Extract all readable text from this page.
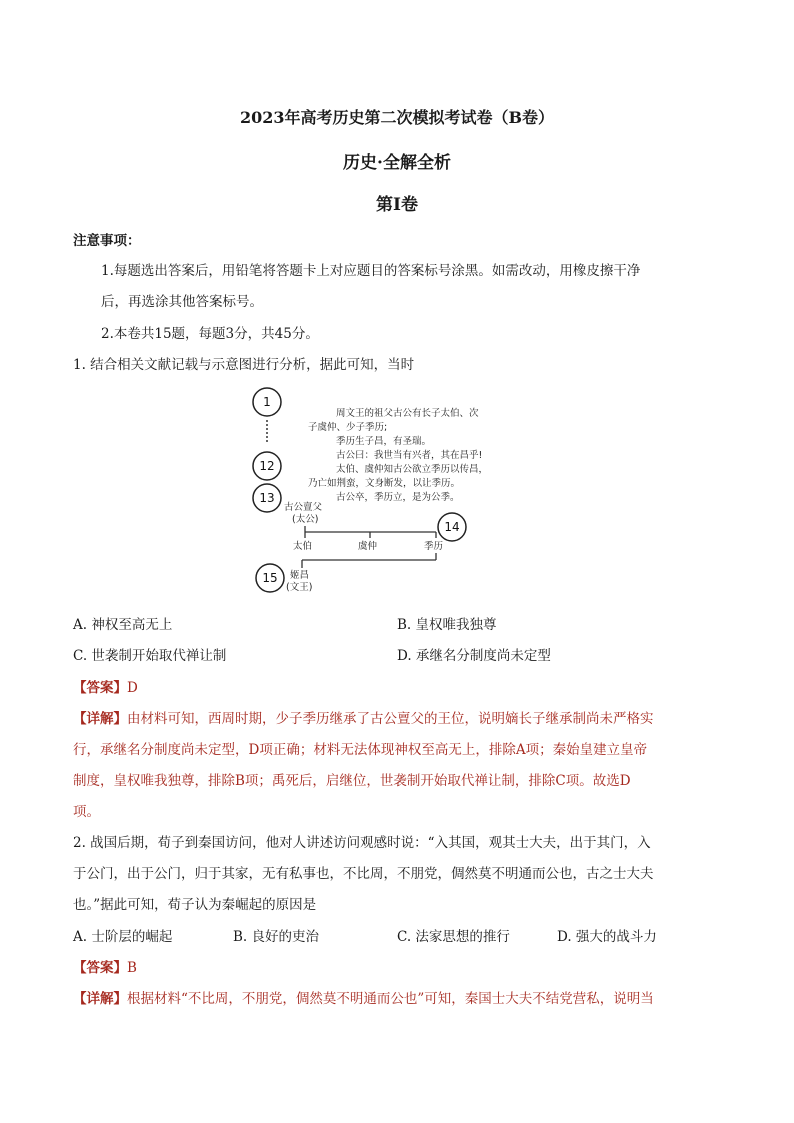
2023年高考历史第二次模拟考试卷（B卷）
历史·全解全析
第I卷
注意事项：
1.每题选出答案后，用铅笔将答题卡上对应题目的答案标号涂黑。如需改动，用橡皮擦干净
后，再选涂其他答案标号。
2.本卷共15题，每题3分，共45分。
1. 结合相关文献记载与示意图进行分析，据此可知，当时
1
12
13
周文王的祖父古公有长子太伯、次
子虞仲、少子季历;
季历生子昌，有圣瑞。
古公曰：我世当有兴者，其在昌乎!
太伯、虞仲知古公欲立季历以传昌，
乃亡如荆蛮，文身断发，以让季历。
古公卒，季历立，是为公季。
古公亶父
(太公)
14
太伯	虞仲	季历
15 姬昌
(文王)
A. 神权至高无上	B. 皇权唯我独尊
C. 世袭制开始取代禅让制	D. 承继名分制度尚未定型
【答案】D
【详解】由材料可知，西周时期，少子季历继承了古公亶父的王位，说明嫡长子继承制尚未严格实
行，承继名分制度尚未定型，D项正确；材料无法体现神权至高无上，排除A项；秦始皇建立皇帝
制度，皇权唯我独尊，排除B项；禹死后，启继位，世袭制开始取代禅让制，排除C项。故选D
项。
2. 战国后期，荀子到秦国访问，他对人讲述访问观感时说：“入其国，观其士大夫，出于其门，入
于公门，出于公门，归于其家，无有私事也，不比周，不朋党，倜然莫不明通而公也，古之士大夫
也。”据此可知，荀子认为秦崛起的原因是
A. 士阶层的崛起	B. 良好的吏治	C. 法家思想的推行	D. 强大的战斗力
【答案】B
【详解】根据材料“不比周，不朋党，倜然莫不明通而公也”可知，秦国士大夫不结党营私，说明当
